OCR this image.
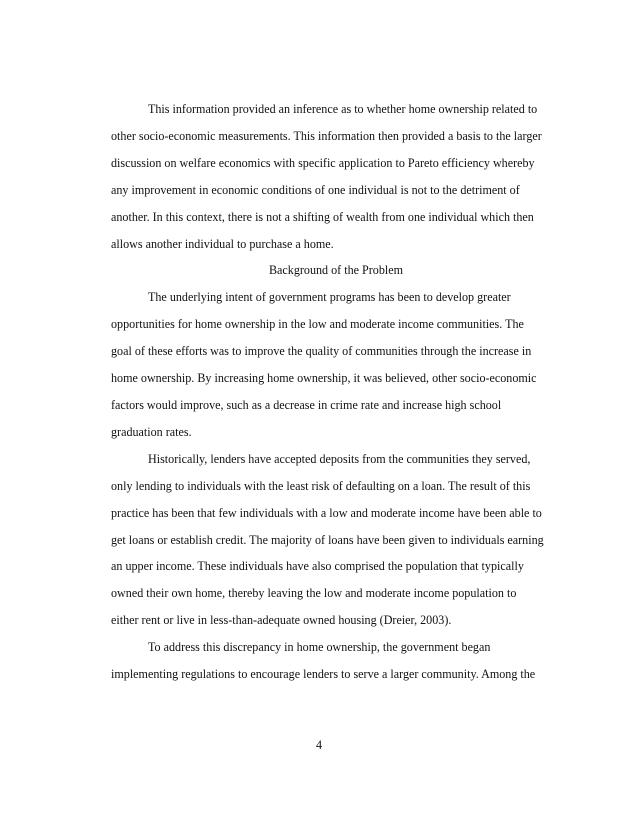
This information provided an inference as to whether home ownership related to
other socio-economic measurements. This information then provided a basis to the larger
discussion on welfare economics with specific application to Pareto efficiency whereby
any improvement in economic conditions of one individual is not to the detriment of
another. In this context, there is not a shifting of wealth from one individual which then
allows another individual to purchase a home.
Background of the Problem
The underlying intent of government programs has been to develop greater
opportunities for home ownership in the low and moderate income communities. The
goal of these efforts was to improve the quality of communities through the increase in
home ownership. By increasing home ownership, it was believed, other socio-economic
factors would improve, such as a decrease in crime rate and increase high school
graduation rates.
Historically, lenders have accepted deposits from the communities they served,
only lending to individuals with the least risk of defaulting on a loan. The result of this
practice has been that few individuals with a low and moderate income have been able to
get loans or establish credit. The majority of loans have been given to individuals earning
an upper income. These individuals have also comprised the population that typically
owned their own home, thereby leaving the low and moderate income population to
either rent or live in less-than-adequate owned housing (Dreier, 2003).
To address this discrepancy in home ownership, the government began
implementing regulations to encourage lenders to serve a larger community. Among the
4
